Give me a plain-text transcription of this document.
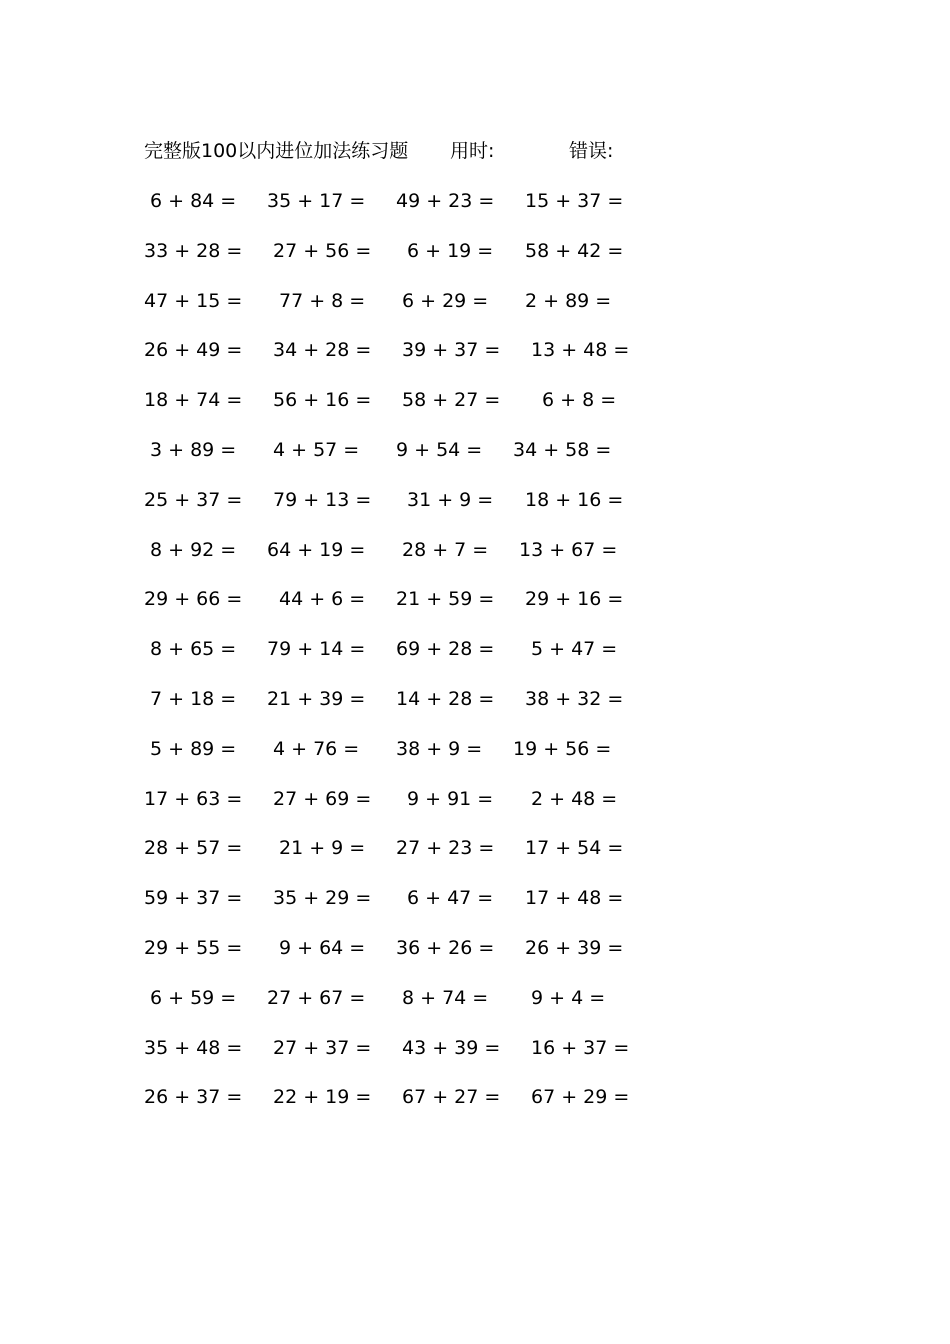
完整版100以内进位加法练习题 用时:	错误:
6 + 84 = 35 + 17 = 49 + 23 = 15 + 37 =
33 + 28 = 27 + 56 = 6 + 19 = 58 + 42 =
47 + 15 = 77 + 8 = 6 + 29 = 2 + 89 =
26 + 49 = 34 + 28 = 39 + 37 = 13 + 48 =
18 + 74 = 56 + 16 = 58 + 27 = 6 + 8 =
3 + 89 = 4 + 57 = 9 + 54 = 34 + 58 =
25 + 37 = 79 + 13 = 31 + 9 = 18 + 16 =
8 + 92 = 64 + 19 = 28 + 7 = 13 + 67 =
29 + 66 = 44 + 6 = 21 + 59 = 29 + 16 =
8 + 65 = 79 + 14 = 69 + 28 = 5 + 47 =
7 + 18 = 21 + 39 = 14 + 28 = 38 + 32 =
5 + 89 = 4 + 76 = 38 + 9 = 19 + 56 =
17 + 63 = 27 + 69 = 9 + 91 = 2 + 48 =
28 + 57 = 21 + 9 = 27 + 23 = 17 + 54 =
59 + 37 = 35 + 29 = 6 + 47 = 17 + 48 =
29 + 55 = 9 + 64 = 36 + 26 = 26 + 39 =
6 + 59 = 27 + 67 = 8 + 74 = 9 + 4 =
35 + 48 = 27 + 37 = 43 + 39 = 16 + 37 =
26 + 37 = 22 + 19 = 67 + 27 = 67 + 29 =
